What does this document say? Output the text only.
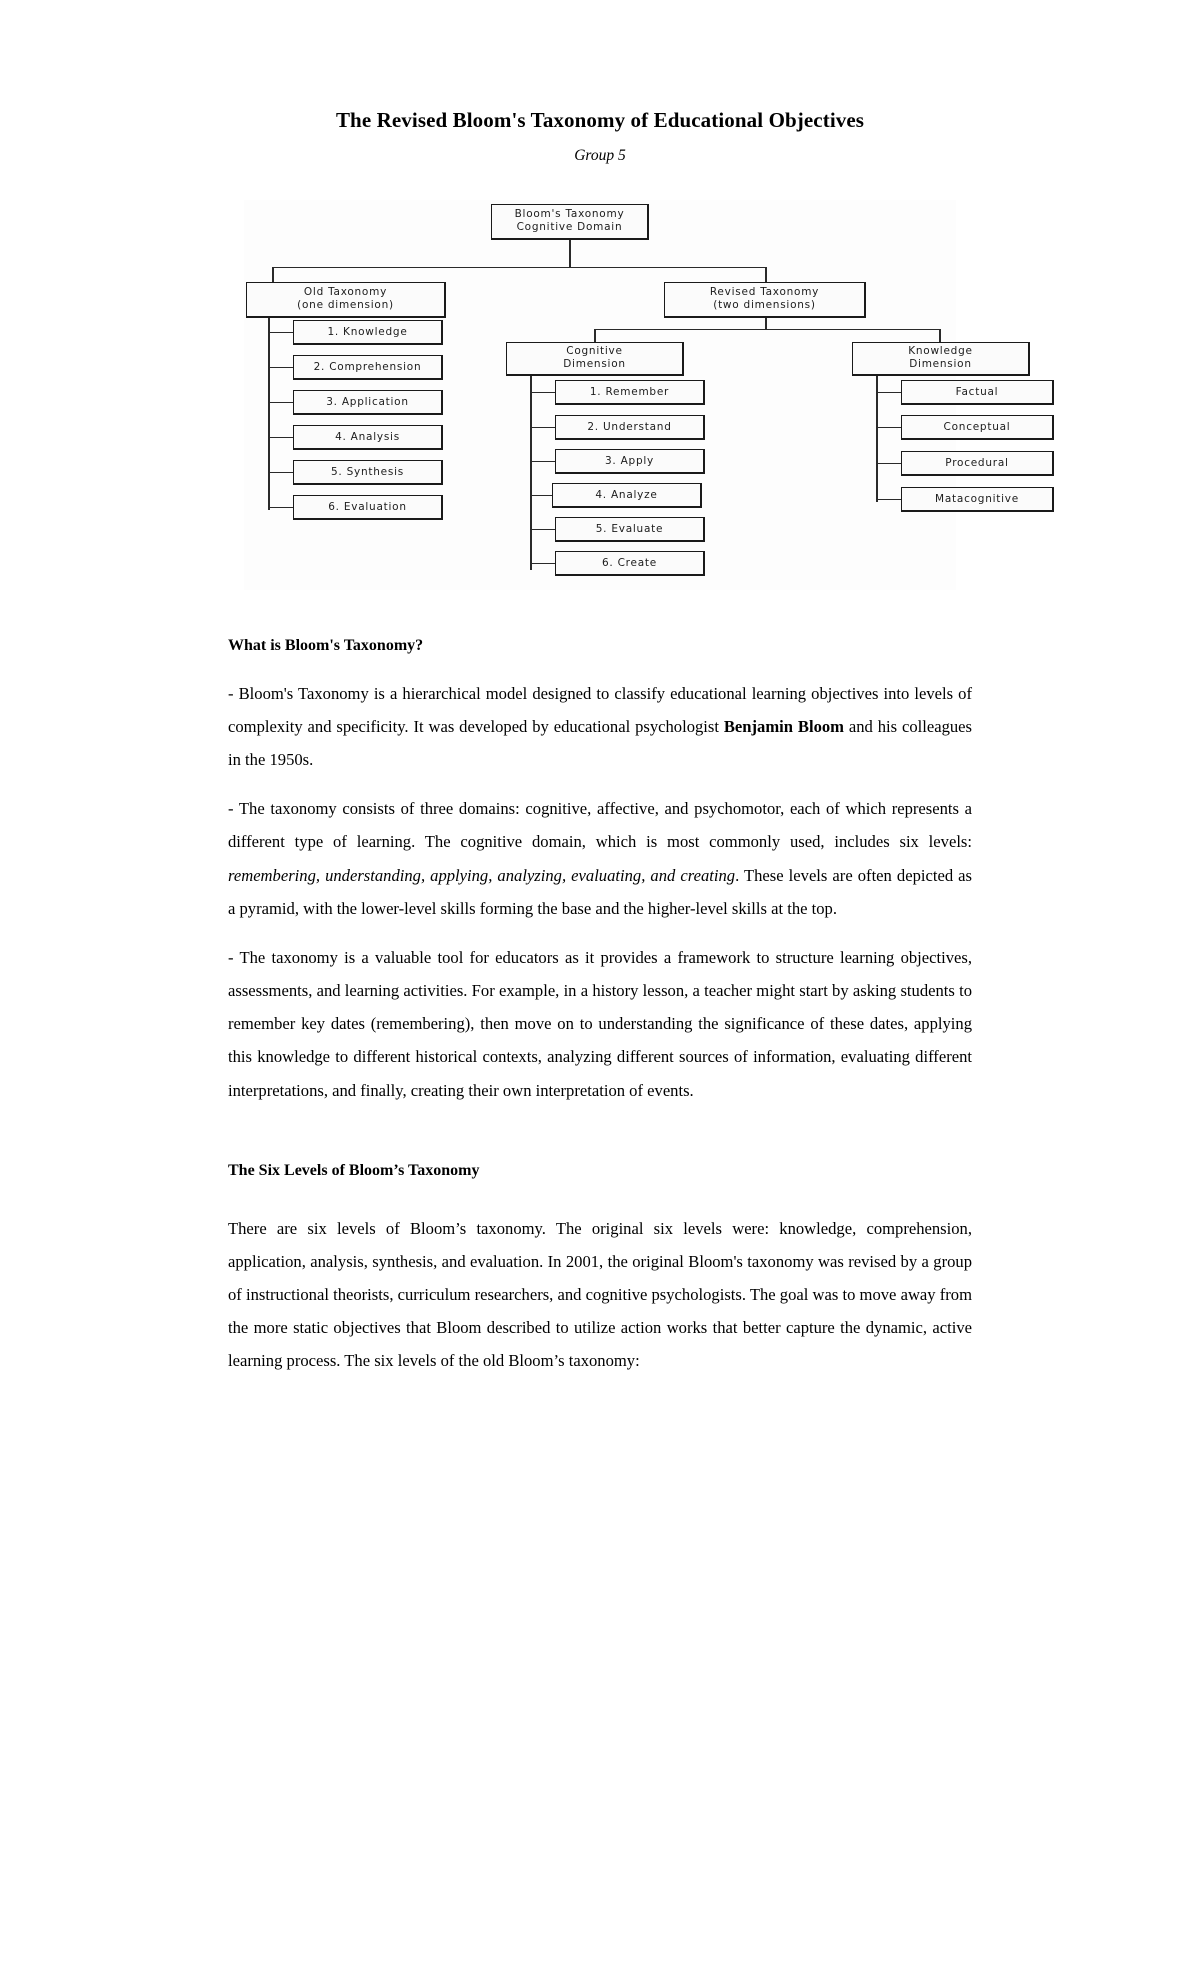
The Revised Bloom's Taxonomy of Educational Objectives
Group 5
Bloom's Taxonomy
Cognitive Domain
Old Taxonomy
(one dimension)
Revised Taxonomy
(two dimensions)
1. Knowledge
2. Comprehension
3. Application
4. Analysis
5. Synthesis
6. Evaluation
Cognitive
Dimension
Knowledge
Dimension
1. Remember
2. Understand
3. Apply
4. Analyze
5. Evaluate
6. Create
Factual
Conceptual
Procedural
Matacognitive
What is Bloom's Taxonomy?

- Bloom's Taxonomy is a hierarchical model designed to classify educational learning objectives into levels of complexity and specificity. It was developed by educational psychologist Benjamin Bloom and his colleagues in the 1950s.

- The taxonomy consists of three domains: cognitive, affective, and psychomotor, each of which represents a different type of learning. The cognitive domain, which is most commonly used, includes six levels: remembering, understanding, applying, analyzing, evaluating, and creating. These levels are often depicted as a pyramid, with the lower-level skills forming the base and the higher-level skills at the top.

- The taxonomy is a valuable tool for educators as it provides a framework to structure learning objectives, assessments, and learning activities. For example, in a history lesson, a teacher might start by asking students to remember key dates (remembering), then move on to understanding the significance of these dates, applying this knowledge to different historical contexts, analyzing different sources of information, evaluating different interpretations, and finally, creating their own interpretation of events.

The Six Levels of Bloom’s Taxonomy

There are six levels of Bloom’s taxonomy. The original six levels were: knowledge, comprehension, application, analysis, synthesis, and evaluation. In 2001, the original Bloom's taxonomy was revised by a group of instructional theorists, curriculum researchers, and cognitive psychologists. The goal was to move away from the more static objectives that Bloom described to utilize action works that better capture the dynamic, active learning process. The six levels of the old Bloom’s taxonomy:
